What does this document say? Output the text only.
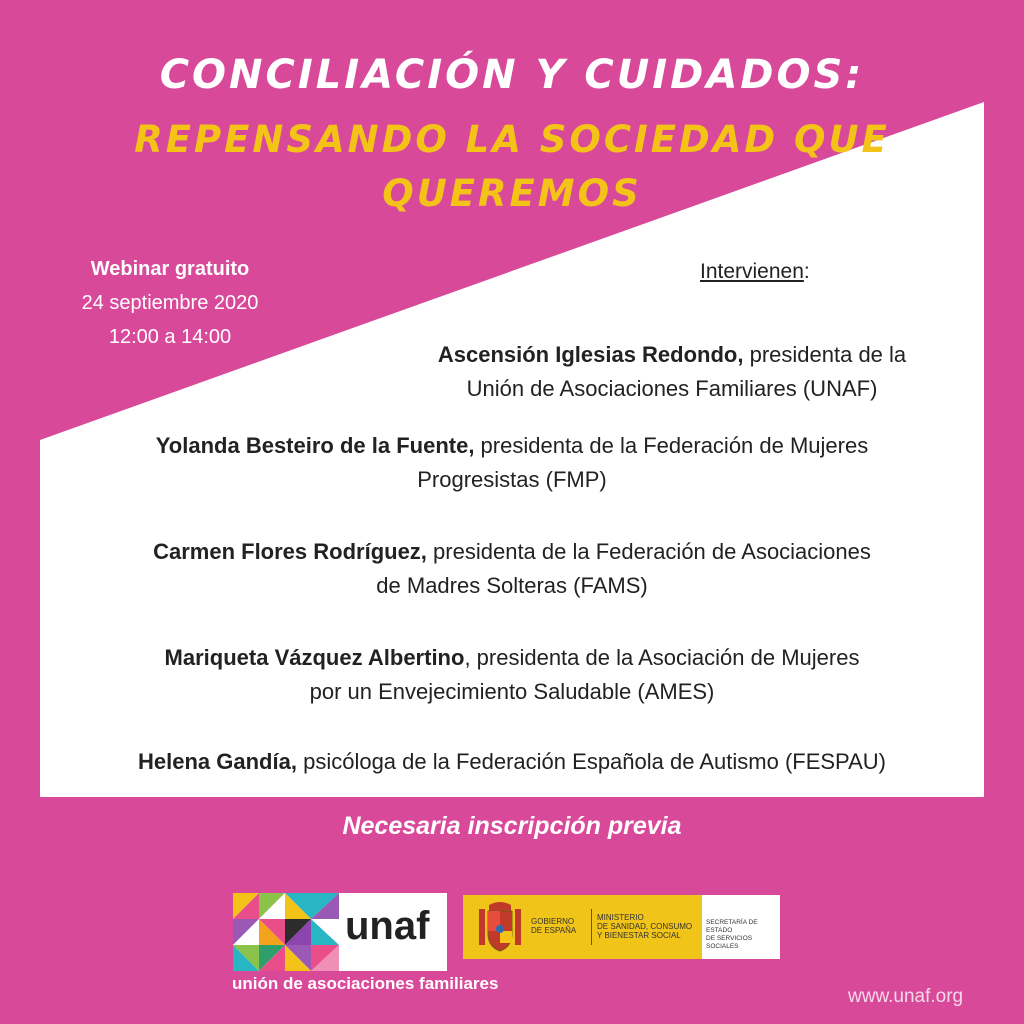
CONCILIACIÓN Y CUIDADOS:
REPENSANDO LA SOCIEDAD QUE
QUEREMOS
Webinar gratuito
24 septiembre 2020
12:00 a 14:00
Intervienen:
Ascensión Iglesias Redondo, presidenta de la
Unión de Asociaciones Familiares (UNAF)
Yolanda Besteiro de la Fuente, presidenta de la Federación de Mujeres
Progresistas (FMP)
Carmen Flores Rodríguez, presidenta de la Federación de Asociaciones
de Madres Solteras (FAMS)
Mariqueta Vázquez Albertino, presidenta de la Asociación de Mujeres
por un Envejecimiento Saludable (AMES)
Helena Gandía, psicóloga de la Federación Española de Autismo (FESPAU)
Necesaria inscripción previa
unaf
unión de asociaciones familiares
GOBIERNO
DE ESPAÑA
MINISTERIO
DE SANIDAD, CONSUMO
Y BIENESTAR SOCIAL
SECRETARÍA DE ESTADO
DE SERVICIOS SOCIALES
www.unaf.org
